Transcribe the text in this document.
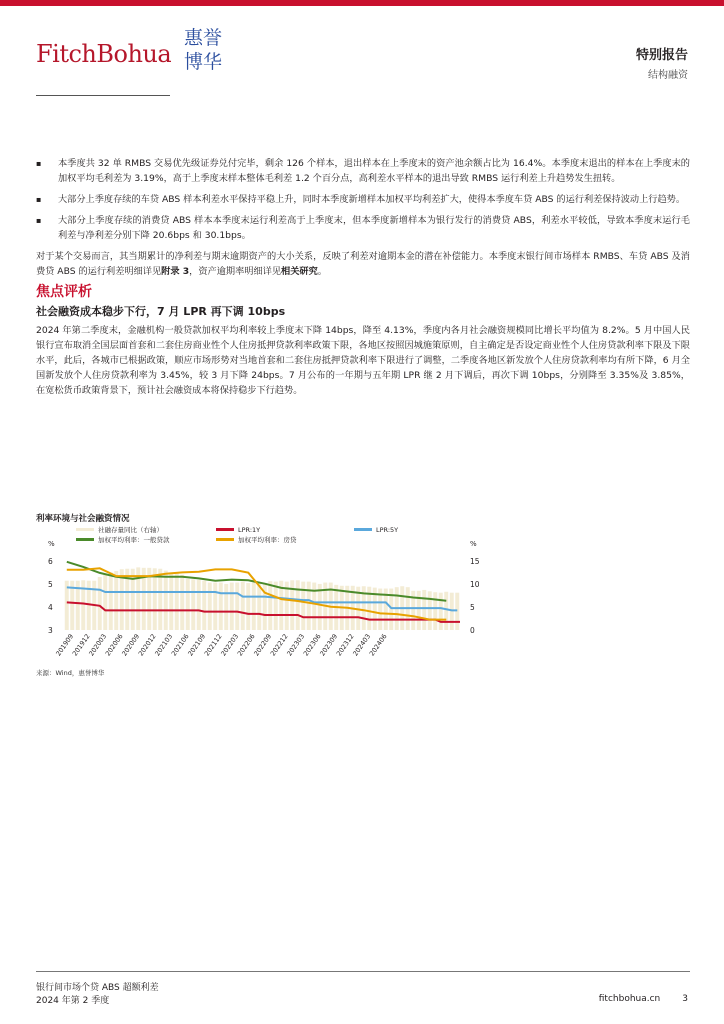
FitchBohua
惠誉
博华	特别报告
结构融资
▪ 本季度共 32 单 RMBS 交易优先级证券兑付完毕，剩余 126 个样本，退出样本在上季度末的资产池余额占比为 16.4%。本季度末退出的样本在上季度末的加权平均毛利差为 3.19%，高于上季度末样本整体毛利差 1.2 个百分点，高利差水平样本的退出导致 RMBS 运行利差上升趋势发生扭转。
▪ 大部分上季度存续的车贷 ABS 样本利差水平保持平稳上升，同时本季度新增样本加权平均利差扩大，使得本季度车贷 ABS 的运行利差保持波动上行趋势。
▪ 大部分上季度存续的消费贷 ABS 样本本季度末运行利差高于上季度末，但本季度新增样本为银行发行的消费贷 ABS，利差水平较低，导致本季度末运行毛利差与净利差分别下降 20.6bps 和 30.1bps。

对于某个交易而言，其当期累计的净利差与期末逾期资产的大小关系，反映了利差对逾期本金的潜在补偿能力。本季度末银行间市场样本 RMBS、车贷 ABS 及消费贷 ABS 的运行利差明细详见附录 3，资产逾期率明细详见相关研究。

焦点评析
社会融资成本稳步下行，7 月 LPR 再下调 10bps

2024 年第二季度末，金融机构一般贷款加权平均利率较上季度末下降 14bps，降至 4.13%，季度内各月社会融资规模同比增长平均值为 8.2%。5 月中国人民银行宣布取消全国层面首套和二套住房商业性个人住房抵押贷款利率政策下限，各地区按照因城施策原则，自主确定是否设定商业性个人住房贷款利率下限及下限水平，此后，各城市已根据政策，顺应市场形势对当地首套和二套住房抵押贷款利率下限进行了调整，二季度各地区新发放个人住房贷款利率均有所下降，6 月全国新发放个人住房贷款利率为 3.45%，较 3 月下降 24bps。7 月公布的一年期与五年期 LPR 继 2 月下调后，再次下调 10bps，分别降至 3.35%及 3.85%，在宽松货币政策背景下，预计社会融资成本将保持稳步下行趋势。

利率环境与社会融资情况
社融存量同比（右轴）	LPR:1Y	LPR:5Y
加权平均利率：一般贷款	加权平均利率：房贷
%	%
6
5
4
3
15
10
5
0
201909
201912
202003
202006
202009
202012
202103
202106
202109
202112
202203
202206
202209
202212
202303
202306
202309
202312
202403
202406
来源：Wind，惠誉博华
银行间市场个贷 ABS 超额利差
2024 年第 2 季度	fitchbohua.cn 3
